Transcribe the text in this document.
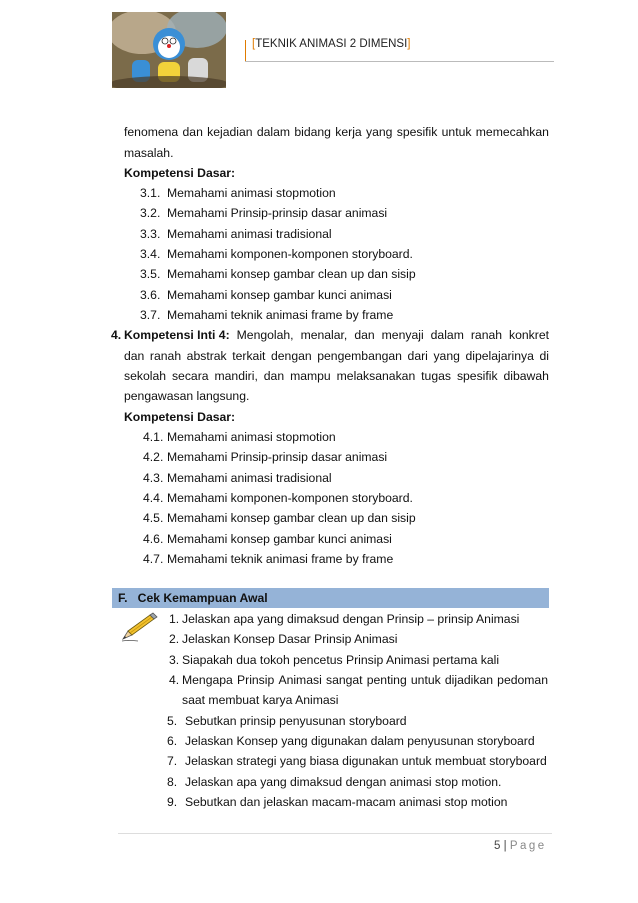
[TEKNIK ANIMASI 2 DIMENSI]
fenomena dan kejadian dalam bidang kerja yang spesifik untuk memecahkan
masalah.
Kompetensi Dasar:
3.1. Memahami animasi stopmotion
3.2. Memahami Prinsip-prinsip dasar animasi
3.3. Memahami animasi tradisional
3.4. Memahami komponen-komponen storyboard.
3.5. Memahami konsep gambar clean up dan sisip
3.6. Memahami konsep gambar kunci animasi
3.7. Memahami teknik animasi frame by frame
4. Kompetensi Inti 4: Mengolah, menalar, dan menyaji dalam ranah konkret
dan ranah abstrak terkait dengan pengembangan dari yang dipelajarinya di
sekolah secara mandiri, dan mampu melaksanakan tugas spesifik dibawah
pengawasan langsung.
Kompetensi Dasar:
4.1. Memahami animasi stopmotion
4.2. Memahami Prinsip-prinsip dasar animasi
4.3. Memahami animasi tradisional
4.4. Memahami komponen-komponen storyboard.
4.5. Memahami konsep gambar clean up dan sisip
4.6. Memahami konsep gambar kunci animasi
4.7. Memahami teknik animasi frame by frame
F.   Cek Kemampuan Awal
1. Jelaskan apa yang dimaksud dengan Prinsip – prinsip Animasi
2. Jelaskan Konsep Dasar Prinsip Animasi
3. Siapakah dua tokoh pencetus Prinsip Animasi pertama kali
4. Mengapa Prinsip Animasi sangat penting untuk dijadikan pedoman
saat membuat karya Animasi
5. Sebutkan prinsip penyusunan storyboard
6. Jelaskan Konsep yang digunakan dalam penyusunan storyboard
7. Jelaskan strategi yang biasa digunakan untuk membuat storyboard
8. Jelaskan apa yang dimaksud dengan animasi stop motion.
9. Sebutkan dan jelaskan macam-macam animasi stop motion
5 | Page
